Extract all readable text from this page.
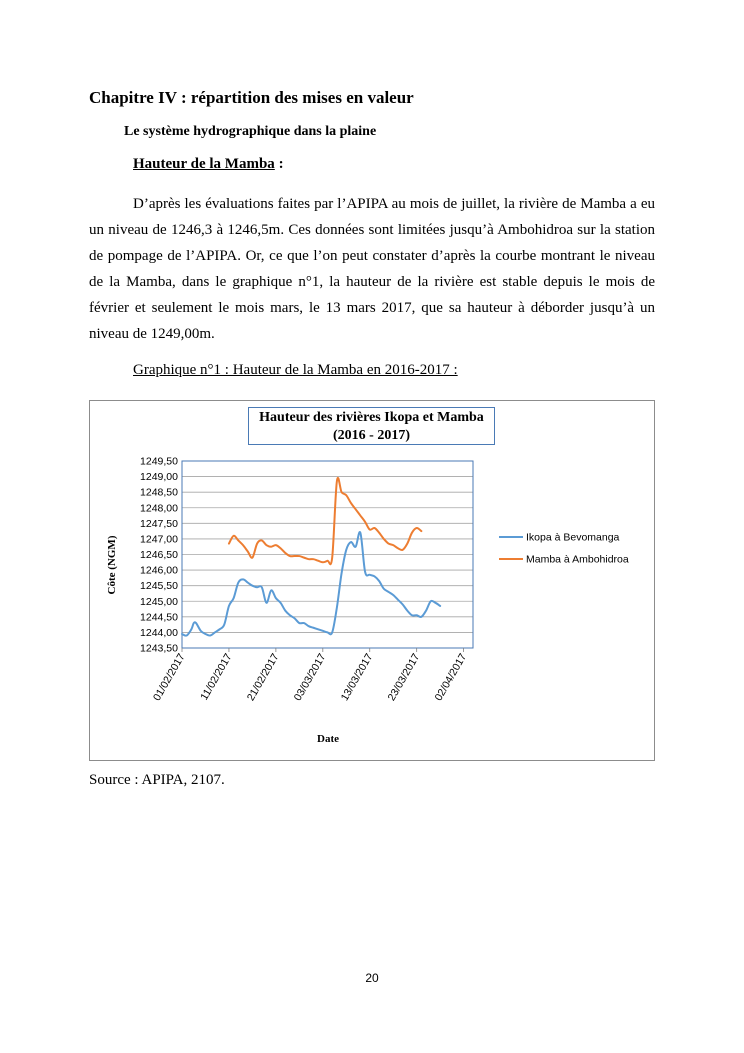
Chapitre IV : répartition des mises en valeur
Le système hydrographique dans la plaine
Hauteur de la Mamba :

D’après les évaluations faites par l’APIPA au mois de juillet, la rivière de Mamba a eu un niveau de 1246,3 à 1246,5m. Ces données sont limitées jusqu’à Ambohidroa sur la station de pompage de l’APIPA. Or, ce que l’on peut constater d’après la courbe montrant le niveau de la Mamba, dans le graphique n°1, la hauteur de la rivière est stable depuis le mois de février et seulement le mois mars, le 13 mars 2017, que sa hauteur à déborder jusqu’à un niveau de 1249,00m.

Graphique n°1 : Hauteur de la Mamba en 2016-2017 :
1243,50
1244,00
1244,50
1245,00
1245,50
1246,00
1246,50
1247,00
1247,50
1248,00
1248,50
1249,00
1249,50
01/02/2017 11/02/2017 21/02/2017 03/03/2017 13/03/2017 23/03/2017 02/04/2017
Ikopa à Bevomanga
Mamba à Ambohidroa
Côte (NGM)
Date
Hauteur des rivières Ikopa et Mamba
(2016 - 2017)
Source : APIPA, 2107.
20
